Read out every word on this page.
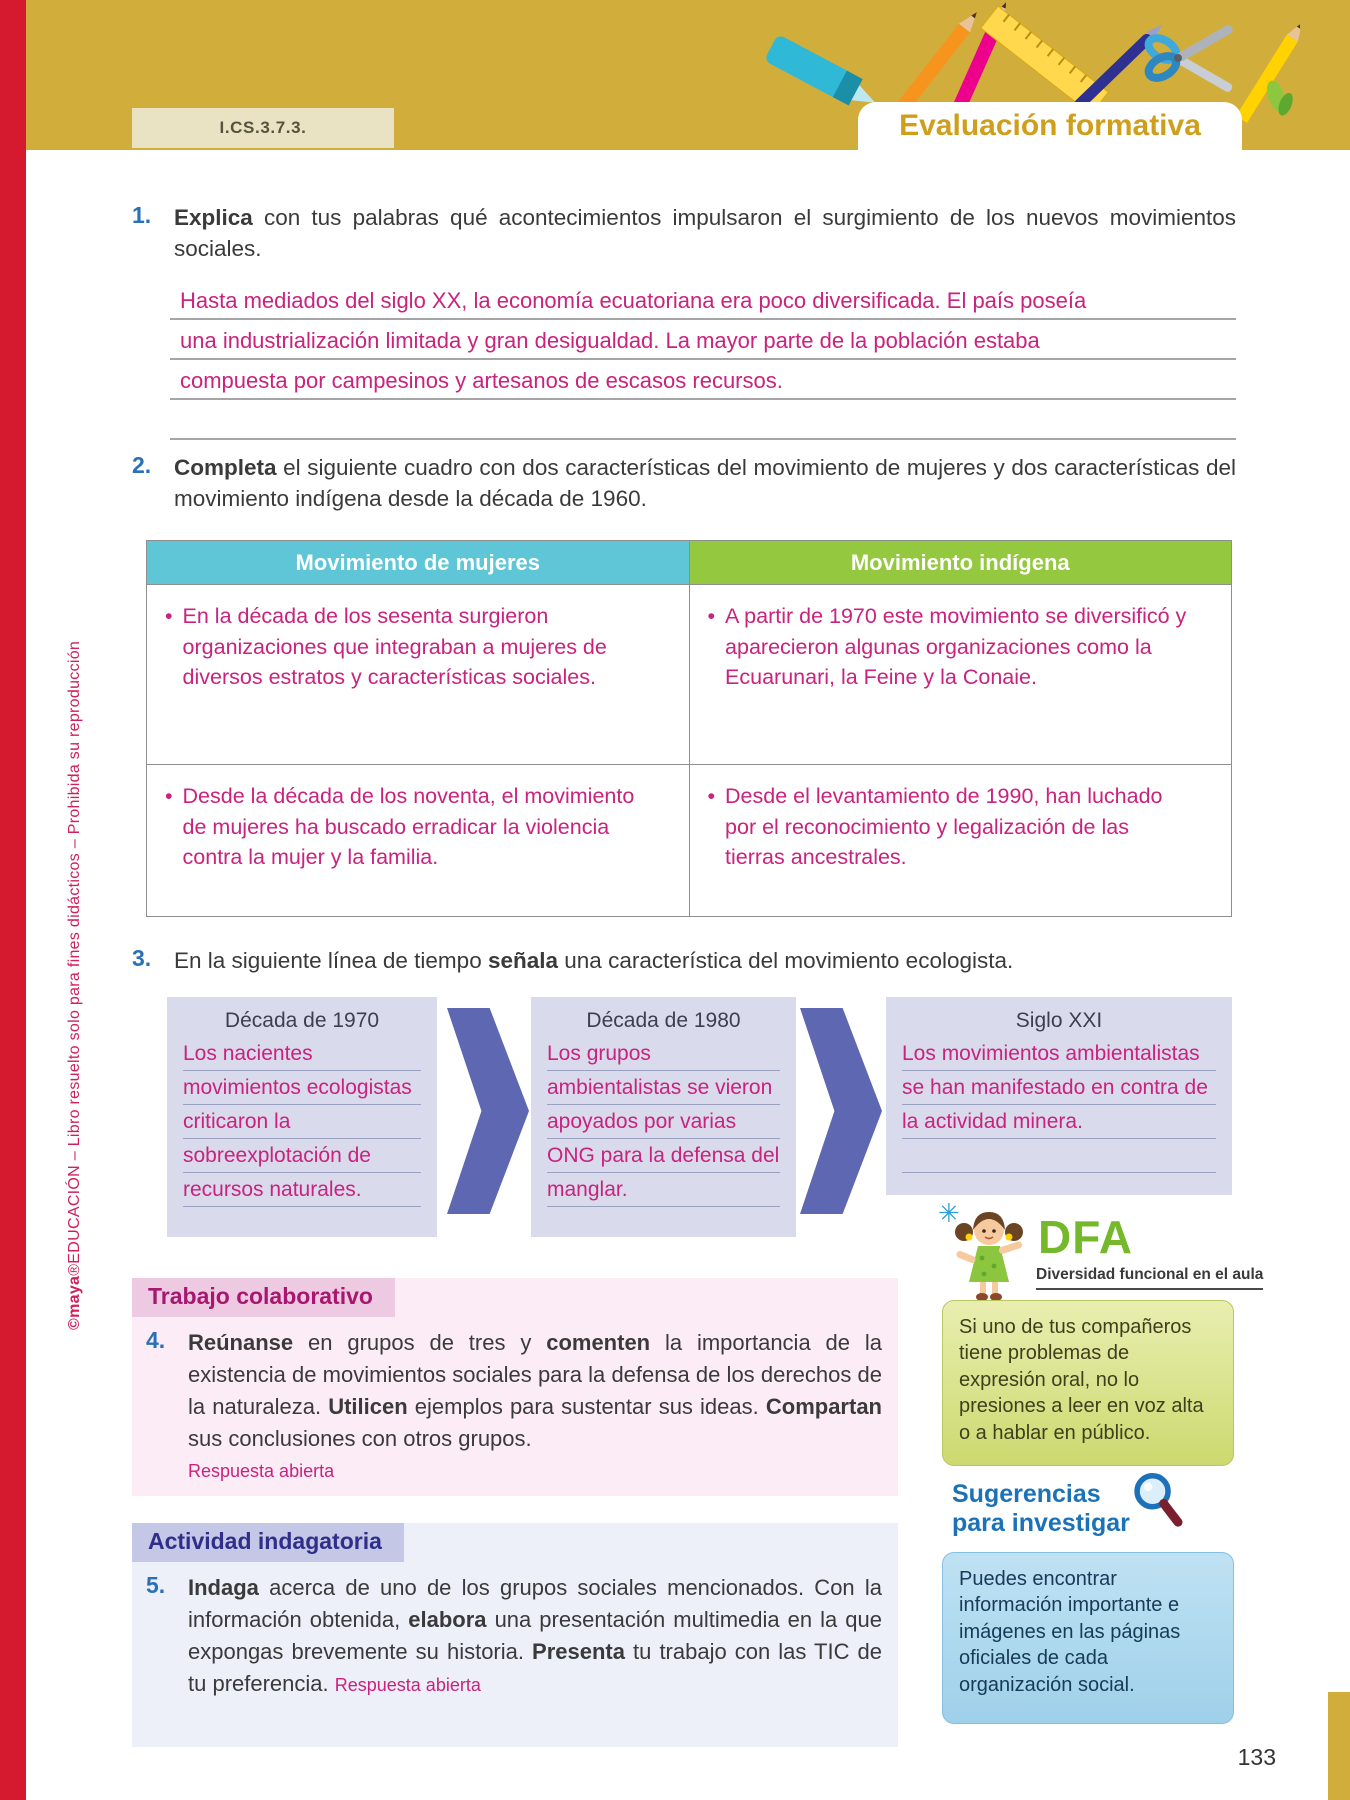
I.CS.3.7.3.	Evaluación formativa
©maya®EDUCACIÓN – Libro resuelto solo para fines didácticos – Prohibida su reproducción
1.	Explica con tus palabras qué acontecimientos impulsaron el surgimiento de los nuevos movimientos sociales.

Hasta mediados del siglo XX, la economía ecuatoriana era poco diversificada. El país poseía
una industrialización limitada y gran desigualdad. La mayor parte de la población estaba
compuesta por campesinos y artesanos de escasos recursos.
2.	Completa el siguiente cuadro con dos características del movimiento de mujeres y dos características del movimiento indígena desde la década de 1960.

Movimiento de mujeres	Movimiento indígena

• En la década de los sesenta surgieron organizaciones que integraban a mujeres de diversos estratos y características sociales.	• A partir de 1970 este movimiento se diversificó y aparecieron algunas organizaciones como la Ecuarunari, la Feine y la Conaie.

• Desde la década de los noventa, el movimiento de mujeres ha buscado erradicar la violencia contra la mujer y la familia.	• Desde el levantamiento de 1990, han luchado por el reconocimiento y legalización de las tierras ancestrales.
3.	En la siguiente línea de tiempo señala una característica del movimiento ecologista.

Década de 1970
Los nacientes movimientos ecologistas criticaron la sobreexplotación de recursos naturales.
Década de 1980
Los grupos ambientalistas se vieron apoyados por varias ONG para la defensa del manglar.
Siglo XXI
Los movimientos ambientalistas se han manifestado en contra de la actividad minera.
Trabajo colaborativo
4.	Reúnanse en grupos de tres y comenten la importancia de la existencia de movimientos sociales para la defensa de los derechos de la naturaleza. Utilicen ejemplos para sustentar sus ideas. Compartan sus conclusiones con otros grupos.

Respuesta abierta
Actividad indagatoria
5.	Indaga acerca de uno de los grupos sociales mencionados. Con la información obtenida, elabora una presentación multimedia en la que expongas brevemente su historia. Presenta tu trabajo con las TIC de tu preferencia. Respuesta abierta

✳ DFA
Diversidad funcional en el aula
Si uno de tus compañeros tiene problemas de expresión oral, no lo presiones a leer en voz alta o a hablar en público.
Sugerencias
para investigar
Puedes encontrar información importante e imágenes en las páginas oficiales de cada organización social.
133
